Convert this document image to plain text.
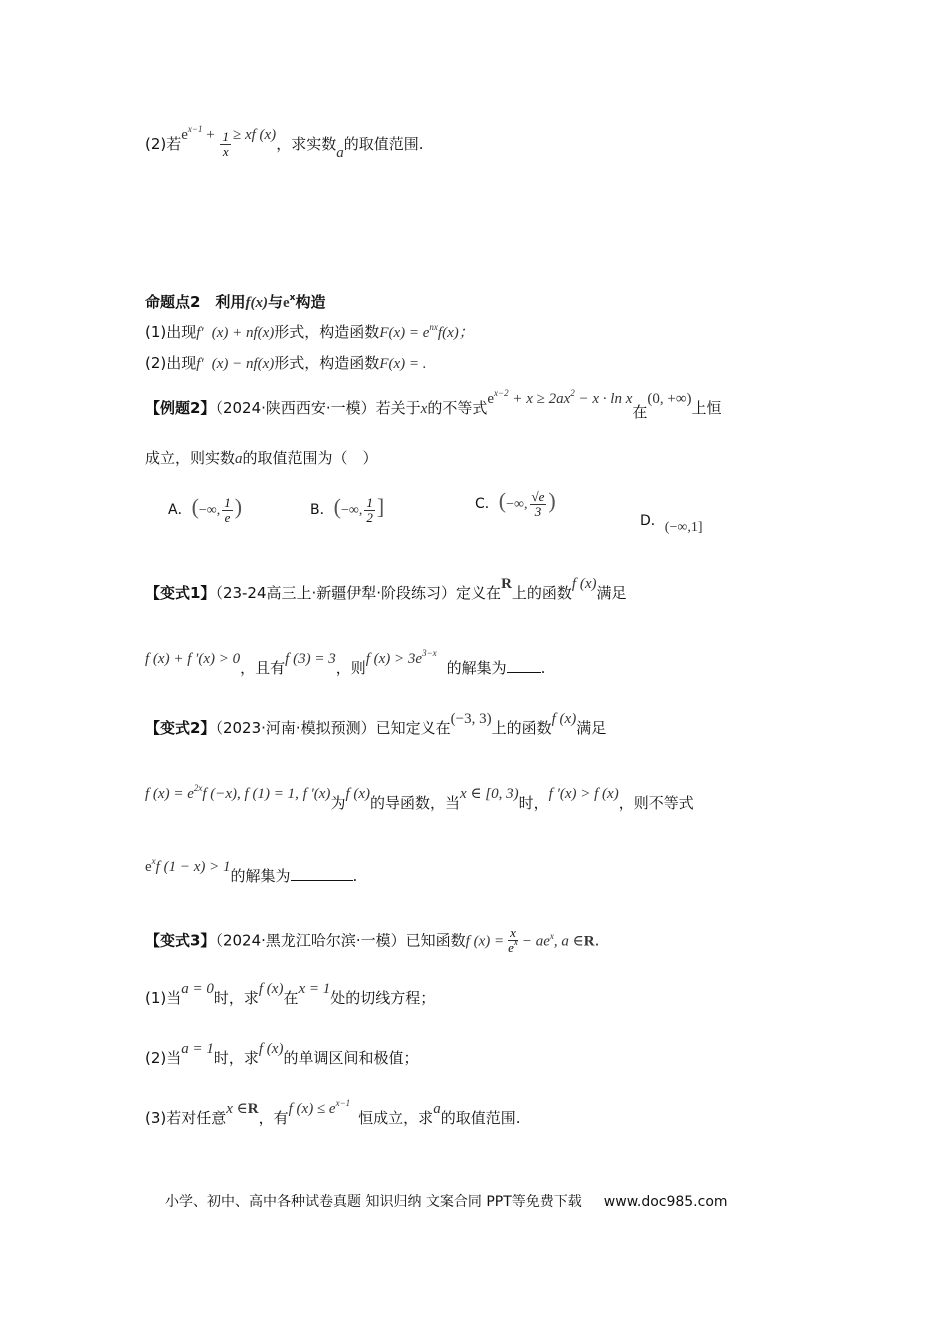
(2)若$e^{x-1} + \frac{1}{x}$ ≥ xf (x)，求实数a的取值范围.
命题点2　利用f(x)与$e^x$构造
(1)出现f′ (x) + nf(x)形式，构造函数$F(x) = e^{nx}f(x)$；
(2)出现f′ (x) − nf(x)形式，构造函数F(x) = .
【例题2】（2024·陕西西安·一模）若关于x的不等式$e^{x-2} + x \ge 2ax^2 - x \cdot \ln x$在(0, +∞)上恒
成立，则实数a的取值范围为（　）
A．(−∞, $\frac{1}{e}$ )	B．(−∞, $\frac{1}{2}$ ]	C．(−∞, $\frac{√e}{3}$ )
D．(−∞,1]
【变式1】（23-24高三上·新疆伊犁·阶段练习）定义在R上的函数f (x)满足
f (x) + f ′(x) > 0，且有f (3) = 3，则f $(x) > 3e^{3-x}$的解集为 .
【变式2】（2023·河南·模拟预测）已知定义在(−3, 3)上的函数f (x)满足
f $(x) = e^{2x}f$ (−x), f (1) = 1, f ′(x)为f (x)的导函数，当x ∈ [0, 3)时，f ′(x) > f (x)，则不等式
$e^xf$ (1 − x) > 1的解集为	.
【变式3】（2024·黑龙江哈尔滨·一模）已知函数f $(x) = \frac{x}{e^x} - ae^x$, a ∈R.
(1)当a = 0时，求f (x)在x = 1处的切线方程；
(2)当a = 1时，求f (x)的单调区间和极值；
(3)若对任意x ∈R，有f $(x) \le e^{x-1}$恒成立，求a的取值范围.
小学、初中、高中各种试卷真题 知识归纳 文案合同 PPT等免费下载 www.doc985.com
